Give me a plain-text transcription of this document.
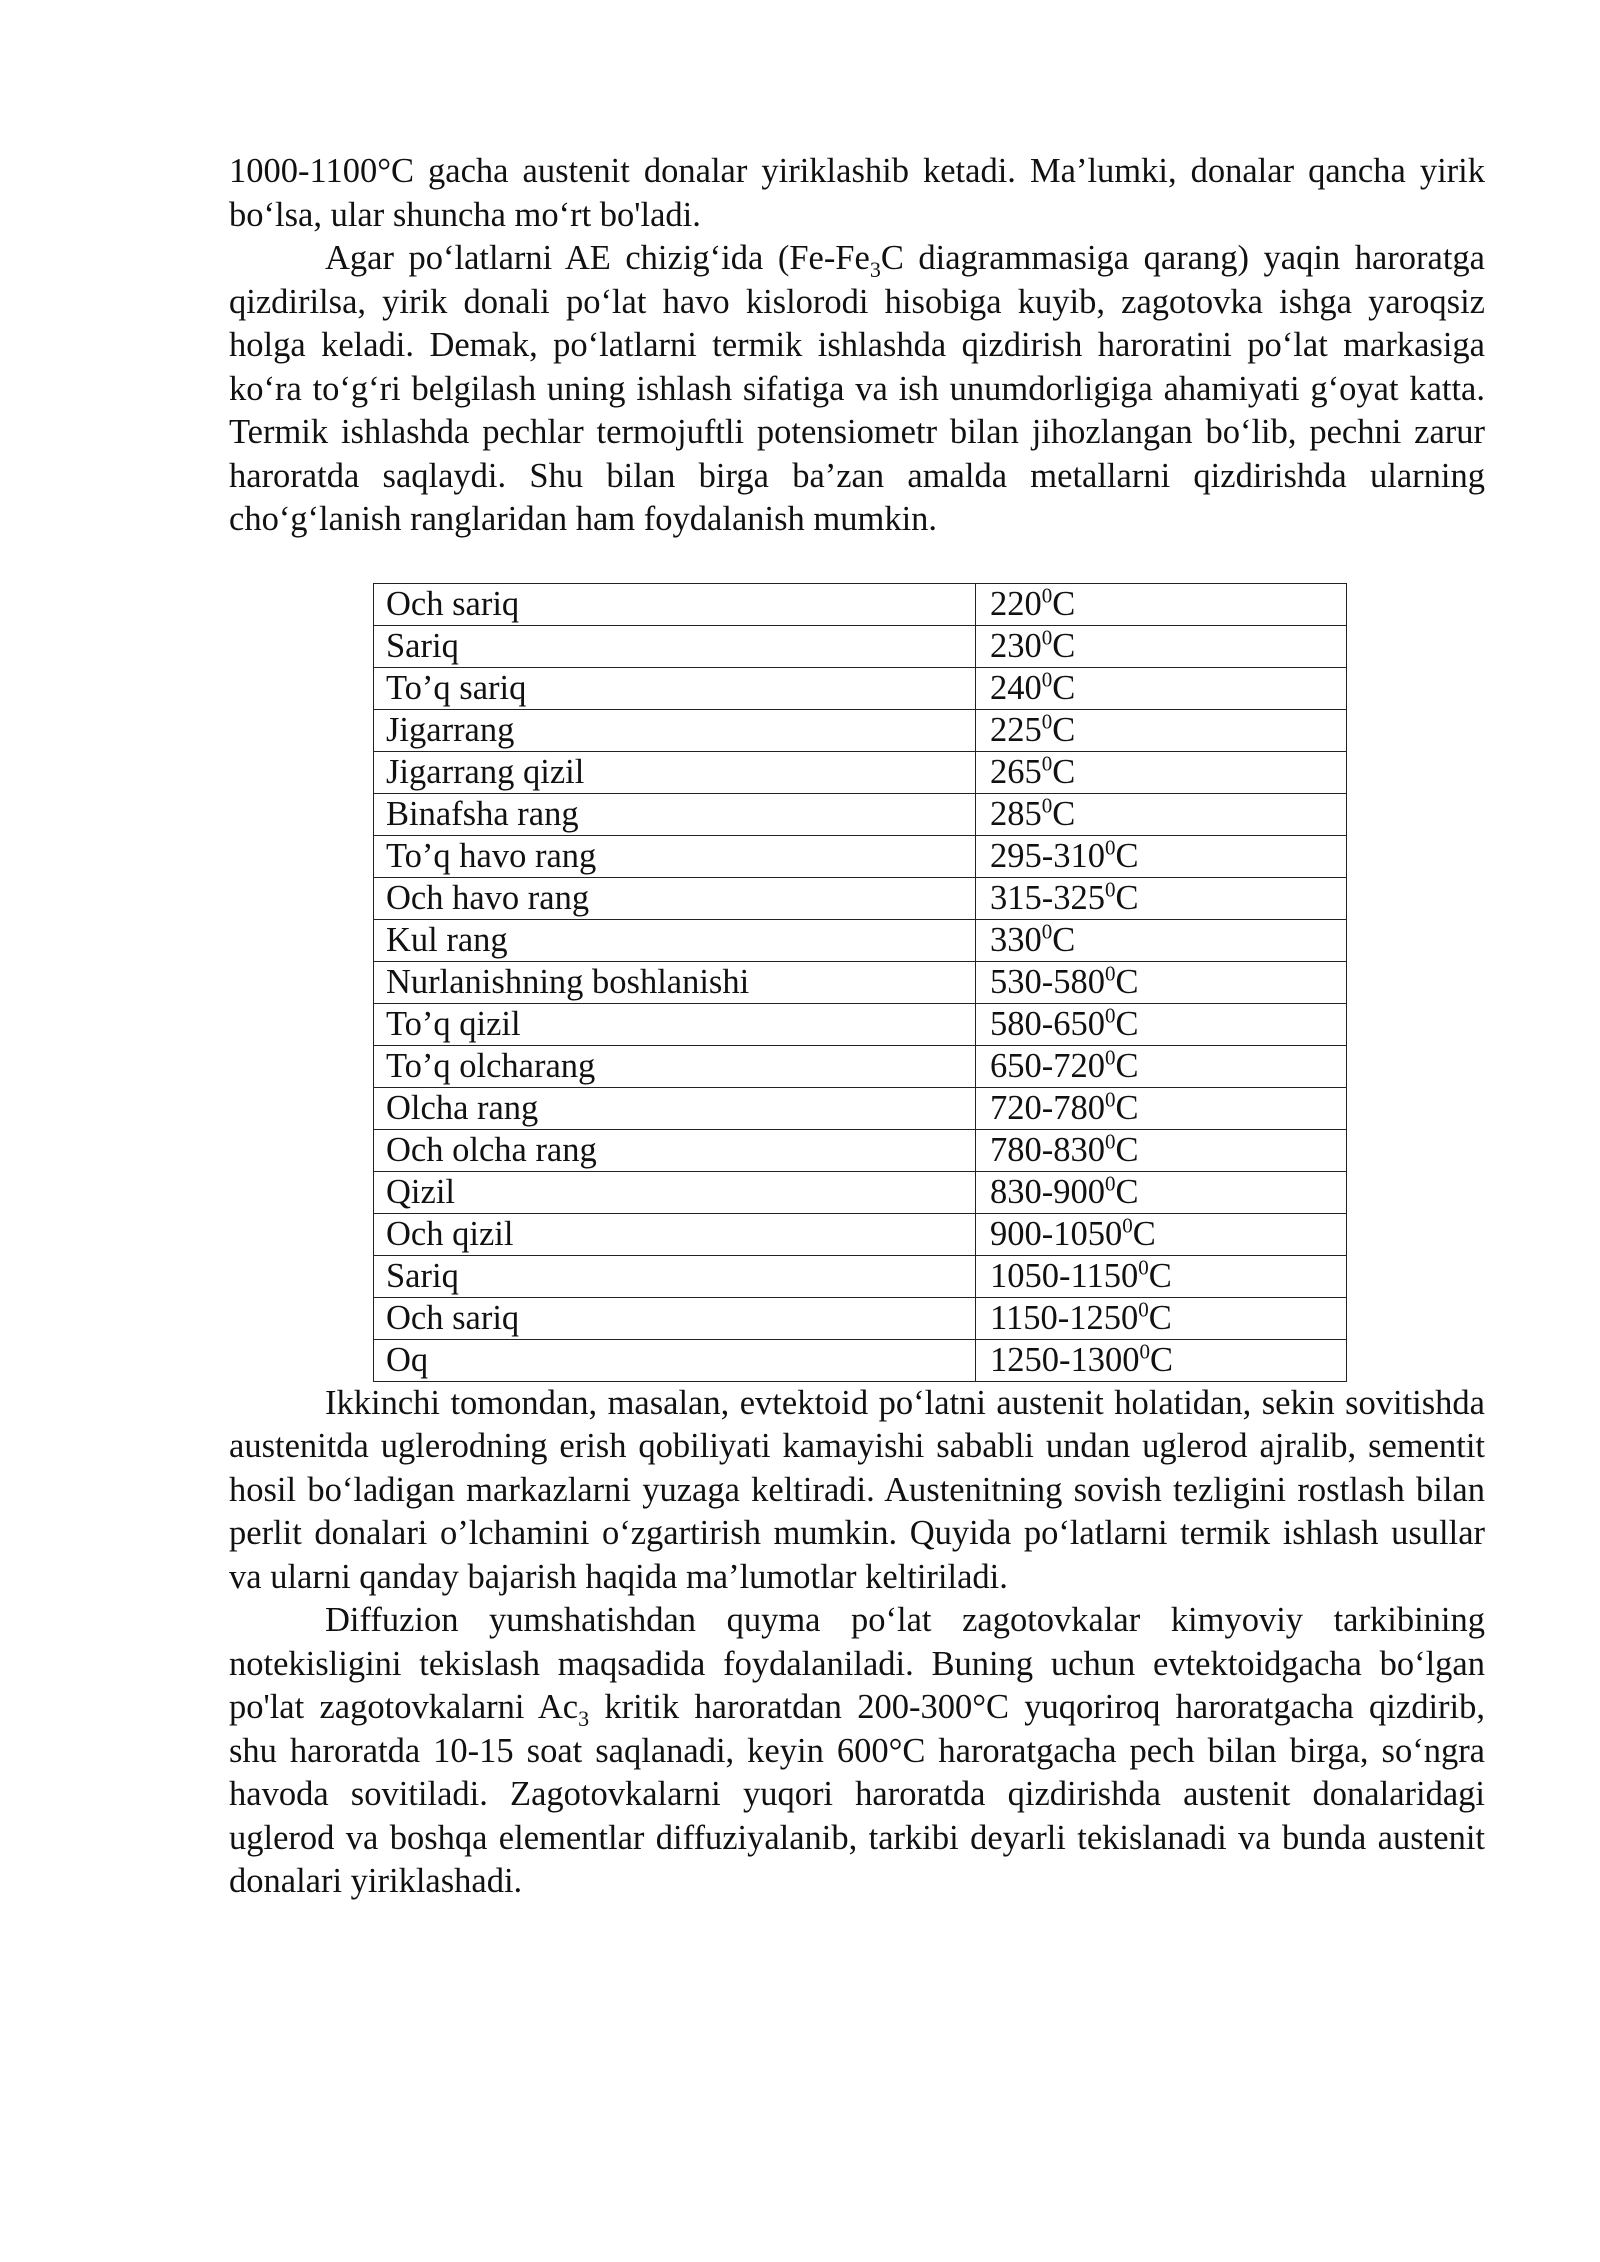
1000-1100°C gacha austenit donalar yiriklashib ketadi. Ma’lumki, donalar qancha yirik bo‘lsa, ular shuncha mo‘rt bo'ladi.

Agar po‘latlarni AE chizig‘ida ($Fe-Fe_3C$ diagrammasiga qarang) yaqin haroratga qizdirilsa, yirik donali po‘lat havo kislorodi hisobiga kuyib, zagotovka ishga yaroqsiz holga keladi. Demak, po‘latlarni termik ishlashda qizdirish haroratini po‘lat markasiga ko‘ra to‘g‘ri belgilash uning ishlash sifatiga va ish unumdorligiga ahamiyati g‘oyat katta. Termik ishlashda pechlar termojuftli potensiometr bilan jihozlangan bo‘lib, pechni zarur haroratda saqlaydi. Shu bilan birga ba’zan amalda metallarni qizdirishda ularning cho‘g‘lanish ranglaridan ham foydalanish mumkin.

Och sariq	$220^0C$
Sariq	$230^0C$
To’q sariq	$240^0C$
Jigarrang	$225^0C$
Jigarrang qizil	$265^0C$
Binafsha rang	$285^0C$
To’q havo rang	$295-310^0C$
Och havo rang	$315-325^0C$
Kul rang	$330^0C$
Nurlanishning boshlanishi	$530-580^0C$
To’q qizil	$580-650^0C$
To’q olcharang	$650-720^0C$
Olcha rang	$720-780^0C$
Och olcha rang	$780-830^0C$
Qizil	$830-900^0C$
Och qizil	900-1050$^0$C
Sariq	1050-1150$^0$C
Och sariq	1150-1250$^0$C
Oq	1250-1300$^0$C

Ikkinchi tomondan, masalan, evtektoid po‘latni austenit holatidan, sekin sovitishda austenitda uglerodning erish qobiliyati kamayishi sababli undan uglerod ajralib, sementit hosil bo‘ladigan markazlarni yuzaga keltiradi. Austenitning sovish tezligini rostlash bilan perlit donalari o’lchamini o‘zgartirish mumkin. Quyida po‘latlarni termik ishlash usullar va ularni qanday bajarish haqida ma’lumotlar keltiriladi.

Diffuzion yumshatishdan quyma po‘lat zagotovkalar kimyoviy tarkibining notekisligini tekislash maqsadida foydalaniladi. Buning uchun evtektoidgacha bo‘lgan po'lat zagotovkalarni $Ac_3$ kritik haroratdan 200-300°C yuqoriroq haroratgacha qizdirib, shu haroratda 10-15 soat saqlanadi, keyin 600°C haroratgacha pech bilan birga, so‘ngra havoda sovitiladi. Zagotovkalarni yuqori haroratda qizdirishda austenit donalaridagi uglerod va boshqa elementlar diffuziyalanib, tarkibi deyarli tekislanadi va bunda austenit donalari yiriklashadi.
